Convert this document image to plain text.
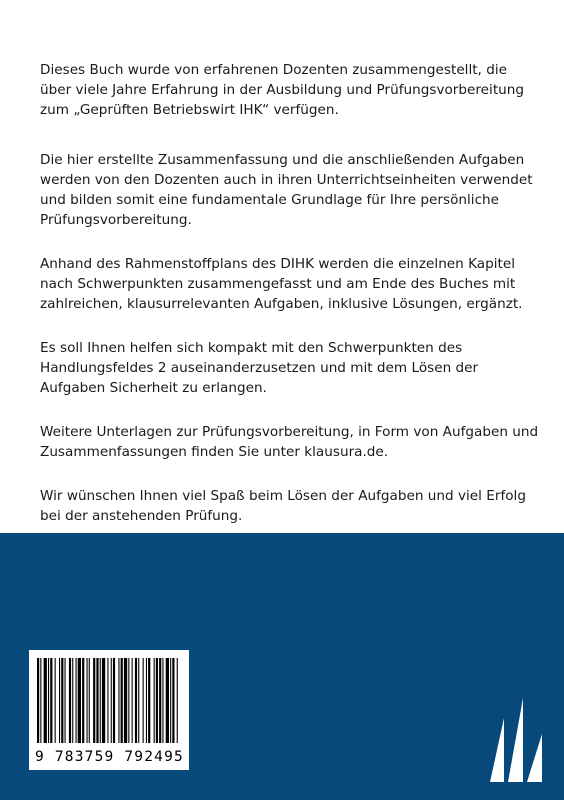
Dieses Buch wurde von erfahrenen Dozenten zusammengestellt, die über viele Jahre Erfahrung in der Ausbildung und Prüfungsvorbereitung zum „Geprüften Betriebswirt IHK“ verfügen.

Die hier erstellte Zusammenfassung und die anschließenden Aufgaben werden von den Dozenten auch in ihren Unterrichtseinheiten verwendet und bilden somit eine fundamentale Grundlage für Ihre persönliche Prüfungsvorbereitung.

Anhand des Rahmenstoffplans des DIHK werden die einzelnen Kapitel nach Schwerpunkten zusammengefasst und am Ende des Buches mit zahlreichen, klausurrelevanten Aufgaben, inklusive Lösungen, ergänzt.

Es soll Ihnen helfen sich kompakt mit den Schwerpunkten des Handlungsfeldes 2 auseinanderzusetzen und mit dem Lösen der Aufgaben Sicherheit zu erlangen.

Weitere Unterlagen zur Prüfungsvorbereitung, in Form von Aufgaben und Zusammenfassungen finden Sie unter klausura.de.

Wir wünschen Ihnen viel Spaß beim Lösen der Aufgaben und viel Erfolg bei der anstehenden Prüfung.

9 783759 792495
